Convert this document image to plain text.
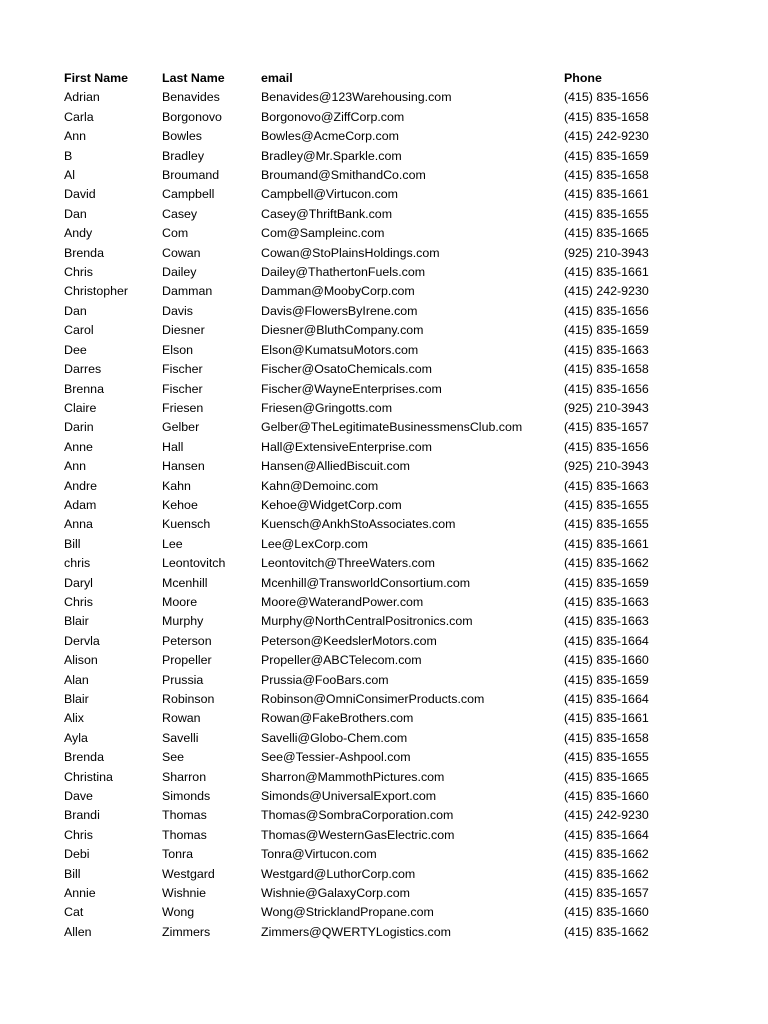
First Name	Last Name	email	Phone
Adrian	Benavides	Benavides@123Warehousing.com	(415) 835-1656
Carla	Borgonovo	Borgonovo@ZiffCorp.com	(415) 835-1658
Ann	Bowles	Bowles@AcmeCorp.com	(415) 242-9230
B	Bradley	Bradley@Mr.Sparkle.com	(415) 835-1659
Al	Broumand	Broumand@SmithandCo.com	(415) 835-1658
David	Campbell	Campbell@Virtucon.com	(415) 835-1661
Dan	Casey	Casey@ThriftBank.com	(415) 835-1655
Andy	Com	Com@Sampleinc.com	(415) 835-1665
Brenda	Cowan	Cowan@StoPlainsHoldings.com	(925) 210-3943
Chris	Dailey	Dailey@ThathertonFuels.com	(415) 835-1661
Christopher	Damman	Damman@MoobyCorp.com	(415) 242-9230
Dan	Davis	Davis@FlowersByIrene.com	(415) 835-1656
Carol	Diesner	Diesner@BluthCompany.com	(415) 835-1659
Dee	Elson	Elson@KumatsuMotors.com	(415) 835-1663
Darres	Fischer	Fischer@OsatoChemicals.com	(415) 835-1658
Brenna	Fischer	Fischer@WayneEnterprises.com	(415) 835-1656
Claire	Friesen	Friesen@Gringotts.com	(925) 210-3943
Darin	Gelber	Gelber@TheLegitimateBusinessmensClub.com	(415) 835-1657
Anne	Hall	Hall@ExtensiveEnterprise.com	(415) 835-1656
Ann	Hansen	Hansen@AlliedBiscuit.com	(925) 210-3943
Andre	Kahn	Kahn@Demoinc.com	(415) 835-1663
Adam	Kehoe	Kehoe@WidgetCorp.com	(415) 835-1655
Anna	Kuensch	Kuensch@AnkhStoAssociates.com	(415) 835-1655
Bill	Lee	Lee@LexCorp.com	(415) 835-1661
chris	Leontovitch	Leontovitch@ThreeWaters.com	(415) 835-1662
Daryl	Mcenhill	Mcenhill@TransworldConsortium.com	(415) 835-1659
Chris	Moore	Moore@WaterandPower.com	(415) 835-1663
Blair	Murphy	Murphy@NorthCentralPositronics.com	(415) 835-1663
Dervla	Peterson	Peterson@KeedslerMotors.com	(415) 835-1664
Alison	Propeller	Propeller@ABCTelecom.com	(415) 835-1660
Alan	Prussia	Prussia@FooBars.com	(415) 835-1659
Blair	Robinson	Robinson@OmniConsimerProducts.com	(415) 835-1664
Alix	Rowan	Rowan@FakeBrothers.com	(415) 835-1661
Ayla	Savelli	Savelli@Globo-Chem.com	(415) 835-1658
Brenda	See	See@Tessier-Ashpool.com	(415) 835-1655
Christina	Sharron	Sharron@MammothPictures.com	(415) 835-1665
Dave	Simonds	Simonds@UniversalExport.com	(415) 835-1660
Brandi	Thomas	Thomas@SombraCorporation.com	(415) 242-9230
Chris	Thomas	Thomas@WesternGasElectric.com	(415) 835-1664
Debi	Tonra	Tonra@Virtucon.com	(415) 835-1662
Bill	Westgard	Westgard@LuthorCorp.com	(415) 835-1662
Annie	Wishnie	Wishnie@GalaxyCorp.com	(415) 835-1657
Cat	Wong	Wong@StricklandPropane.com	(415) 835-1660
Allen	Zimmers	Zimmers@QWERTYLogistics.com	(415) 835-1662
